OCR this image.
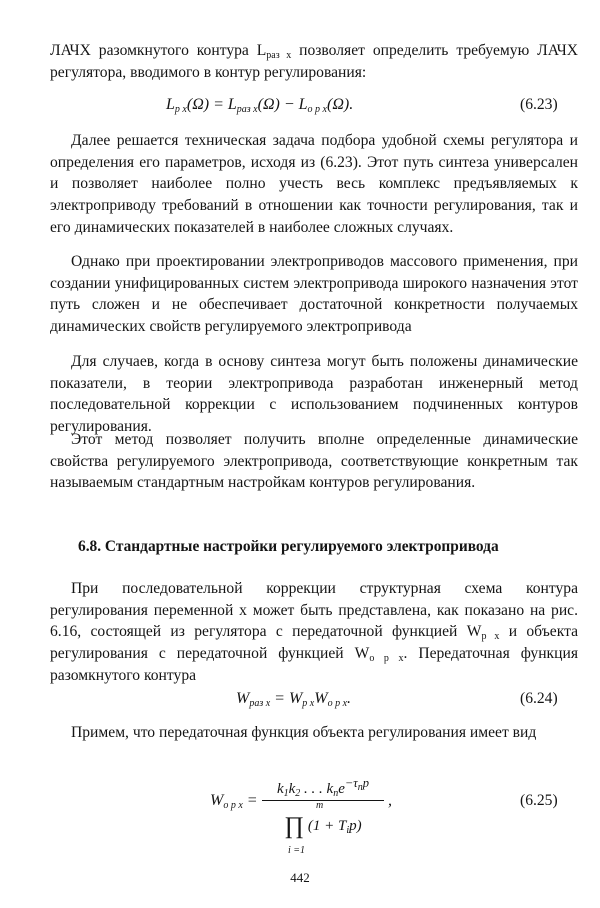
ЛАЧХ разомкнутого контура $L_{раз х}$ позволяет определить требуемую ЛАЧХ регулятора, вводимого в контур регулирования:

$L_{р х}(\Omega) = L_{раз х}(\Omega) - L_{о р х}(\Omega)$.	(6.23)

Далее решается техническая задача подбора удобной схемы регулятора и определения его параметров, исходя из (6.23). Этот путь синтеза универсален и позволяет наиболее полно учесть весь комплекс предъявляемых к электроприводу требований в отношении как точности регулирования, так и его динамических показателей в наиболее сложных случаях.

Однако при проектировании электроприводов массового применения, при создании унифицированных систем электропривода широкого назначения этот путь сложен и не обеспечивает достаточной конкретности получаемых динамических свойств регулируемого электропривода

Для случаев, когда в основу синтеза могут быть положены динамические показатели, в теории электропривода разработан инженерный метод последовательной коррекции с использованием подчиненных контуров регулирования.

Этот метод позволяет получить вполне определенные динамические свойства регулируемого электропривода, соответствующие конкретным так называемым стандартным настройкам контуров регулирования.

6.8. Стандартные настройки регулируемого электропривода

При последовательной коррекции структурная схема контура регулирования переменной x может быть представлена, как показано на рис. 6.16, состоящей из регулятора с передаточной функцией $W_{р х}$ и объекта регулирования с передаточной функцией $W_{о р х}$. Передаточная функция разомкнутого контура

$W_{раз х} = W_{р х}W_{о р х}$.	(6.24)

Примем, что передаточная функция объекта регулирования имеет вид

$W_{о р х}$ =
$k_1k_2$ . . . $k_ne^{-\tau_пp}$
∏ $(1 + T_ip)$
m
i =1
,	(6.25)
442
